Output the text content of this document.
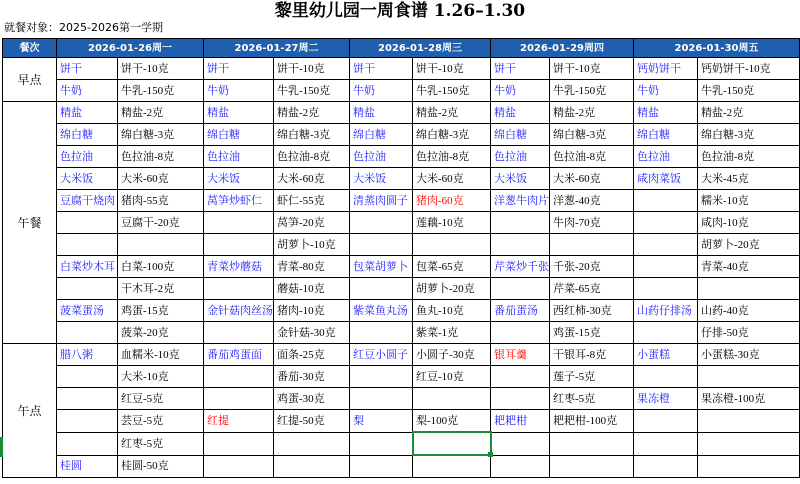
黎里幼儿园一周食谱 1.26–1.30
就餐对象：2025-2026第一学期
餐次	2026-01-26周一		2026-01-27周二		2026-01-28周三		2026-01-29周四		2026-01-30周五	
早点	饼干	饼干-10克	饼干	饼干-10克	饼干	饼干-10克	饼干	饼干-10克	钙奶饼干	钙奶饼干-10克
	牛奶	牛乳-150克	牛奶	牛乳-150克	牛奶	牛乳-150克	牛奶	牛乳-150克	牛奶	牛乳-150克
午餐	精盐	精盐-2克	精盐	精盐-2克	精盐	精盐-2克	精盐	精盐-2克	精盐	精盐-2克
	绵白糖	绵白糖-3克	绵白糖	绵白糖-3克	绵白糖	绵白糖-3克	绵白糖	绵白糖-3克	绵白糖	绵白糖-3克
	色拉油	色拉油-8克	色拉油	色拉油-8克	色拉油	色拉油-8克	色拉油	色拉油-8克	色拉油	色拉油-8克
	大米饭	大米-60克	大米饭	大米-60克	大米饭	大米-60克	大米饭	大米-60克	咸肉菜饭	大米-45克
	豆腐干烧肉	猪肉-55克	莴笋炒虾仁	虾仁-55克	清蒸肉圆子	猪肉-60克	洋葱牛肉片	洋葱-40克		糯米-10克
		豆腐干-20克		莴笋-20克		莲藕-10克		牛肉-70克		咸肉-10克
				胡萝卜-10克						胡萝卜-20克
	白菜炒木耳	白菜-100克	青菜炒蘑菇	青菜-80克	包菜胡萝卜	包菜-65克	芹菜炒千张	千张-20克		青菜-40克
		干木耳-2克		蘑菇-10克		胡萝卜-20克		芹菜-65克		
	菠菜蛋汤	鸡蛋-15克	金针菇肉丝汤	猪肉-10克	紫菜鱼丸汤	鱼丸-10克	番茄蛋汤	西红柿-30克	山药仔排汤	山药-40克
		菠菜-20克		金针菇-30克		紫菜-1克		鸡蛋-15克		仔排-50克
午点	腊八粥	血糯米-10克	番茄鸡蛋面	面条-25克	红豆小圆子	小圆子-30克	银耳羹	干银耳-8克	小蛋糕	小蛋糕-30克
		大米-10克		番茄-30克		红豆-10克		莲子-5克		
		红豆-5克		鸡蛋-30克				红枣-5克	果冻橙	果冻橙-100克
		芸豆-5克	红提	红提-50克	梨	梨-100克	耙耙柑	耙耙柑-100克		
		红枣-5克								
	桂圆	桂圆-50克								
